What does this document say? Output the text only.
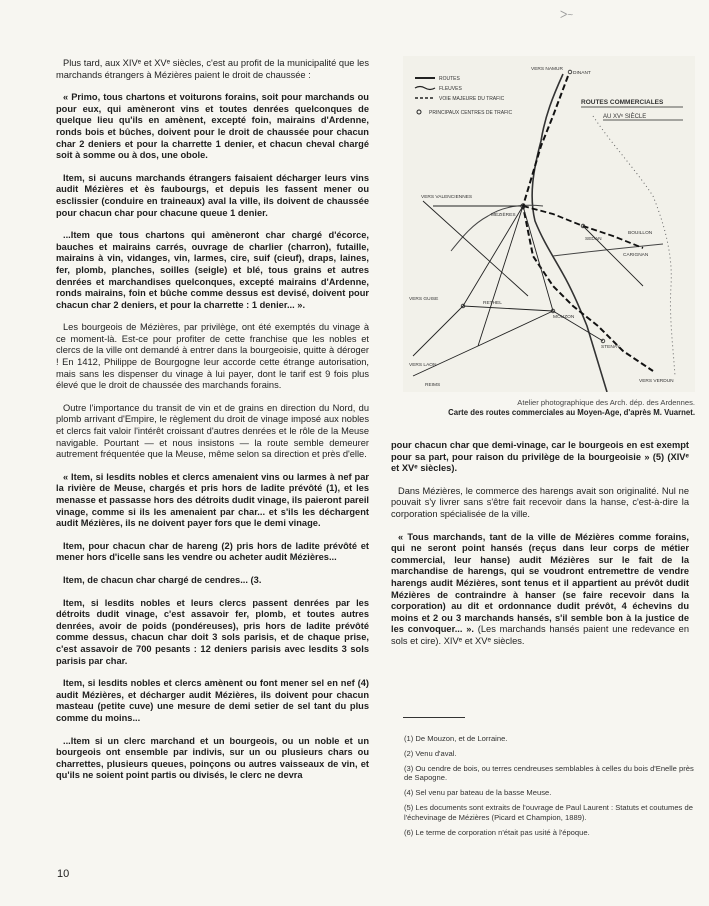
ᐳ~

Plus tard, aux XIVᵉ et XVᵉ siècles, c'est au profit de la municipalité que les marchands étrangers à Mézières paient le droit de chaussée :

« Primo, tous chartons et voiturons forains, soit pour marchands ou pour eux, qui amèneront vins et toutes denrées quelconques de quelque lieu qu'ils en amènent, excepté foin, mairains d'Ardenne, ronds bois et bûches, doivent pour le droit de chaussée pour chacun char 2 deniers et pour la charrette 1 denier, et chacun cheval chargé soit à somme ou à dos, une obole.

Item, si aucuns marchands étrangers faisaient décharger leurs vins audit Mézières et ès faubourgs, et depuis les fassent mener ou esclissier (conduire en traineaux) aval la ville, ils doivent de chaussée pour chacun char pour chacune queue 1 denier.

...Item que tous chartons qui amèneront char chargé d'écorce, bauches et mairains carrés, ouvrage de charlier (charron), futaille, mairains à vin, vidanges, vin, larmes, cire, suif (cieuf), draps, laines, fer, plomb, planches, soilles (seigle) et blé, tous grains et autres denrées et marchandises quelconques, excepté mairains d'Ardenne, ronds mairains, foin et bûche comme dessus est devisé, doivent pour chacun char 2 deniers, et pour la charrette : 1 denier... ».

Les bourgeois de Mézières, par privilège, ont été exemptés du vinage à ce moment-là. Est-ce pour profiter de cette franchise que les nobles et clercs de la ville ont demandé à entrer dans la bourgeoisie, quitte à déroger ! En 1412, Philippe de Bourgogne leur accorde cette étrange autorisation, mais sans les dispenser du vinage à lui payer, dont le tarif est 9 fois plus élevé que le droit de chaussée des marchands forains.

Outre l'importance du transit de vin et de grains en direction du Nord, du plomb arrivant d'Empire, le règlement du droit de vinage imposé aux nobles et clercs fait valoir l'intérêt croissant d'autres denrées et le rôle de la Meuse navigable. Pourtant — et nous insistons — la route semble demeurer autrement fréquentée que la Meuse, même selon sa direction et près d'elle.

« Item, si lesdits nobles et clercs amenaient vins ou larmes à nef par la rivière de Meuse, chargés et pris hors de ladite prévôté (1), et les menasse et passasse hors des détroits dudit vinage, ils paieront pareil vinage, comme si ils les amenaient par char... et s'ils les déchargent audit Mézières, ils ne doivent payer fors que le demi vinage.

Item, pour chacun char de hareng (2) pris hors de ladite prévôté et mener hors d'icelle sans les vendre ou acheter audit Mézières...

Item, de chacun char chargé de cendres... (3.

Item, si lesdits nobles et leurs clercs passent denrées par les détroits dudit vinage, c'est assavoir fer, plomb, et toutes autres denrées, avoir de poids (pondéreuses), pris hors de ladite prévôté comme dessus, chacun char doit 3 sols parisis, et de chaque prise, c'est assavoir de 700 pesants : 12 deniers parisis avec lesdits 3 sols parisis par char.

Item, si lesdits nobles et clercs amènent ou font mener sel en nef (4) audit Mézières, et décharger audit Mézières, ils doivent pour chacun masteau (petite cuve) une mesure de demi setier de sel tant du plus comme du moins...

...Item si un clerc marchand et un bourgeois, ou un noble et un bourgeois ont ensemble par indivis, sur un ou plusieurs chars ou charrettes, plusieurs queues, poinçons ou autres vaisseaux de vin, et qu'ils ne soient point partis ou divisés, le clerc ne devra

ROUTES
FLEUVES
VOIE MAJEURE DU TRAFIC
PRINCIPAUX CENTRES DE TRAFIC
ROUTES COMMERCIALES
AU XVᵉ SIÈCLE
DINANT
VERS NAMUR
VERS VALENCIENNES
MÉZIÈRES
BOUILLON
SEDAN
CARIGNAN
VERS GUISE
VERS LAON
RETHEL
REIMS
MOUZON
STENAY
VERS VERDUN
Atelier photographique des Arch. dép. des Ardennes.
Carte des routes commerciales au Moyen-Age, d'après M. Vuarnet.

pour chacun char que demi-vinage, car le bourgeois en est exempt pour sa part, pour raison du privilège de la bourgeoisie » (5) (XIVᵉ et XVᵉ siècles).

Dans Mézières, le commerce des harengs avait son originalité. Nul ne pouvait s'y livrer sans s'être fait recevoir dans la hanse, c'est-à-dire la corporation spécialisée de la ville.

« Tous marchands, tant de la ville de Mézières comme forains, qui ne seront point hansés (reçus dans leur corps de métier commercial, leur hanse) audit Mézières sur le fait de la marchandise de harengs, qui se voudront entremettre de vendre harengs audit Mézières, sont tenus et il appartient au prévôt dudit Mézières de contraindre à hanser (se faire recevoir dans la corporation) au dit et ordonnance dudit prévôt, 4 échevins du moins et 2 ou 3 marchands hansés, s'il semble bon à la justice de les convoquer... ». (Les marchands hansés paient une redevance en sols et cire). XIVᵉ et XVᵉ siècles.

(1) De Mouzon, et de Lorraine.
(2) Venu d'aval.
(3) Ou cendre de bois, ou terres cendreuses semblables à celles du bois d'Enelle près de Sapogne.
(4) Sel venu par bateau de la basse Meuse.
(5) Les documents sont extraits de l'ouvrage de Paul Laurent : Statuts et coutumes de l'échevinage de Mézières (Picard et Champion, 1889).
(6) Le terme de corporation n'était pas usité à l'époque.
10
